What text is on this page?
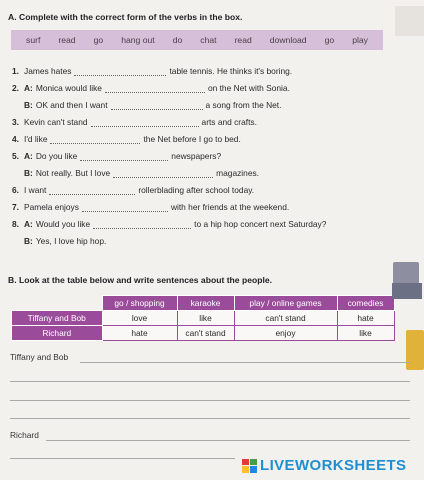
A. Complete with the correct form of the verbs in the box.
surf read go hang out do chat read download go play
1. James hates	table tennis. He thinks it's boring.
2. A: Monica would like	on the Net with Sonia.
B: OK and then I want	a song from the Net.
3. Kevin can't stand	arts and crafts.
4. I'd like	the Net before I go to bed.
5. A: Do you like	newspapers?
B: Not really. But I love	magazines.
6. I want	rollerblading after school today.
7. Pamela enjoys	with her friends at the weekend.
8. A: Would you like	to a hip hop concert next Saturday?
B: Yes, I love hip hop.
B. Look at the table below and write sentences about the people.
	go / shopping	karaoke	play / online games	comedies
Tiffany and Bob	love	like	can't stand	hate
Richard	hate	can't stand	enjoy	like
Tiffany and Bob
Richard
LIVEWORKSHEETS
